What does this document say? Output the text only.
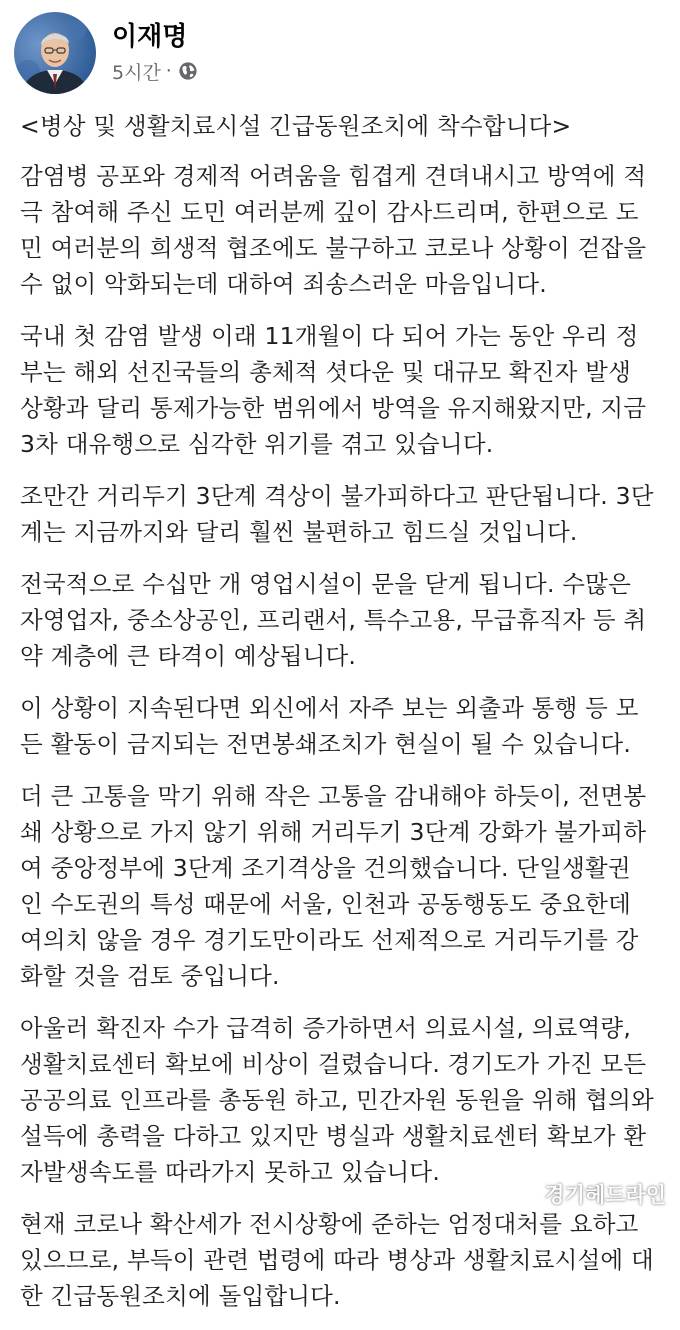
이재명
5시간 ·
<병상 및 생활치료시설 긴급동원조치에 착수합니다>
감염병 공포와 경제적 어려움을 힘겹게 견뎌내시고 방역에 적
극 참여해 주신 도민 여러분께 깊이 감사드리며, 한편으로 도
민 여러분의 희생적 협조에도 불구하고 코로나 상황이 걷잡을
수 없이 악화되는데 대하여 죄송스러운 마음입니다.
국내 첫 감염 발생 이래 11개월이 다 되어 가는 동안 우리 정
부는 해외 선진국들의 총체적 셧다운 및 대규모 확진자 발생
상황과 달리 통제가능한 범위에서 방역을 유지해왔지만, 지금
3차 대유행으로 심각한 위기를 겪고 있습니다.
조만간 거리두기 3단계 격상이 불가피하다고 판단됩니다. 3단
계는 지금까지와 달리 훨씬 불편하고 힘드실 것입니다.
전국적으로 수십만 개 영업시설이 문을 닫게 됩니다. 수많은
자영업자, 중소상공인, 프리랜서, 특수고용, 무급휴직자 등 취
약 계층에 큰 타격이 예상됩니다.
이 상황이 지속된다면 외신에서 자주 보는 외출과 통행 등 모
든 활동이 금지되는 전면봉쇄조치가 현실이 될 수 있습니다.
더 큰 고통을 막기 위해 작은 고통을 감내해야 하듯이, 전면봉
쇄 상황으로 가지 않기 위해 거리두기 3단계 강화가 불가피하
여 중앙정부에 3단계 조기격상을 건의했습니다. 단일생활권
인 수도권의 특성 때문에 서울, 인천과 공동행동도 중요한데
여의치 않을 경우 경기도만이라도 선제적으로 거리두기를 강
화할 것을 검토 중입니다.
아울러 확진자 수가 급격히 증가하면서 의료시설, 의료역량,
생활치료센터 확보에 비상이 걸렸습니다. 경기도가 가진 모든
공공의료 인프라를 총동원 하고, 민간자원 동원을 위해 협의와
설득에 총력을 다하고 있지만 병실과 생활치료센터 확보가 환
자발생속도를 따라가지 못하고 있습니다.
현재 코로나 확산세가 전시상황에 준하는 엄정대처를 요하고
있으므로, 부득이 관련 법령에 따라 병상과 생활치료시설에 대
한 긴급동원조치에 돌입합니다.
경기헤드라인
